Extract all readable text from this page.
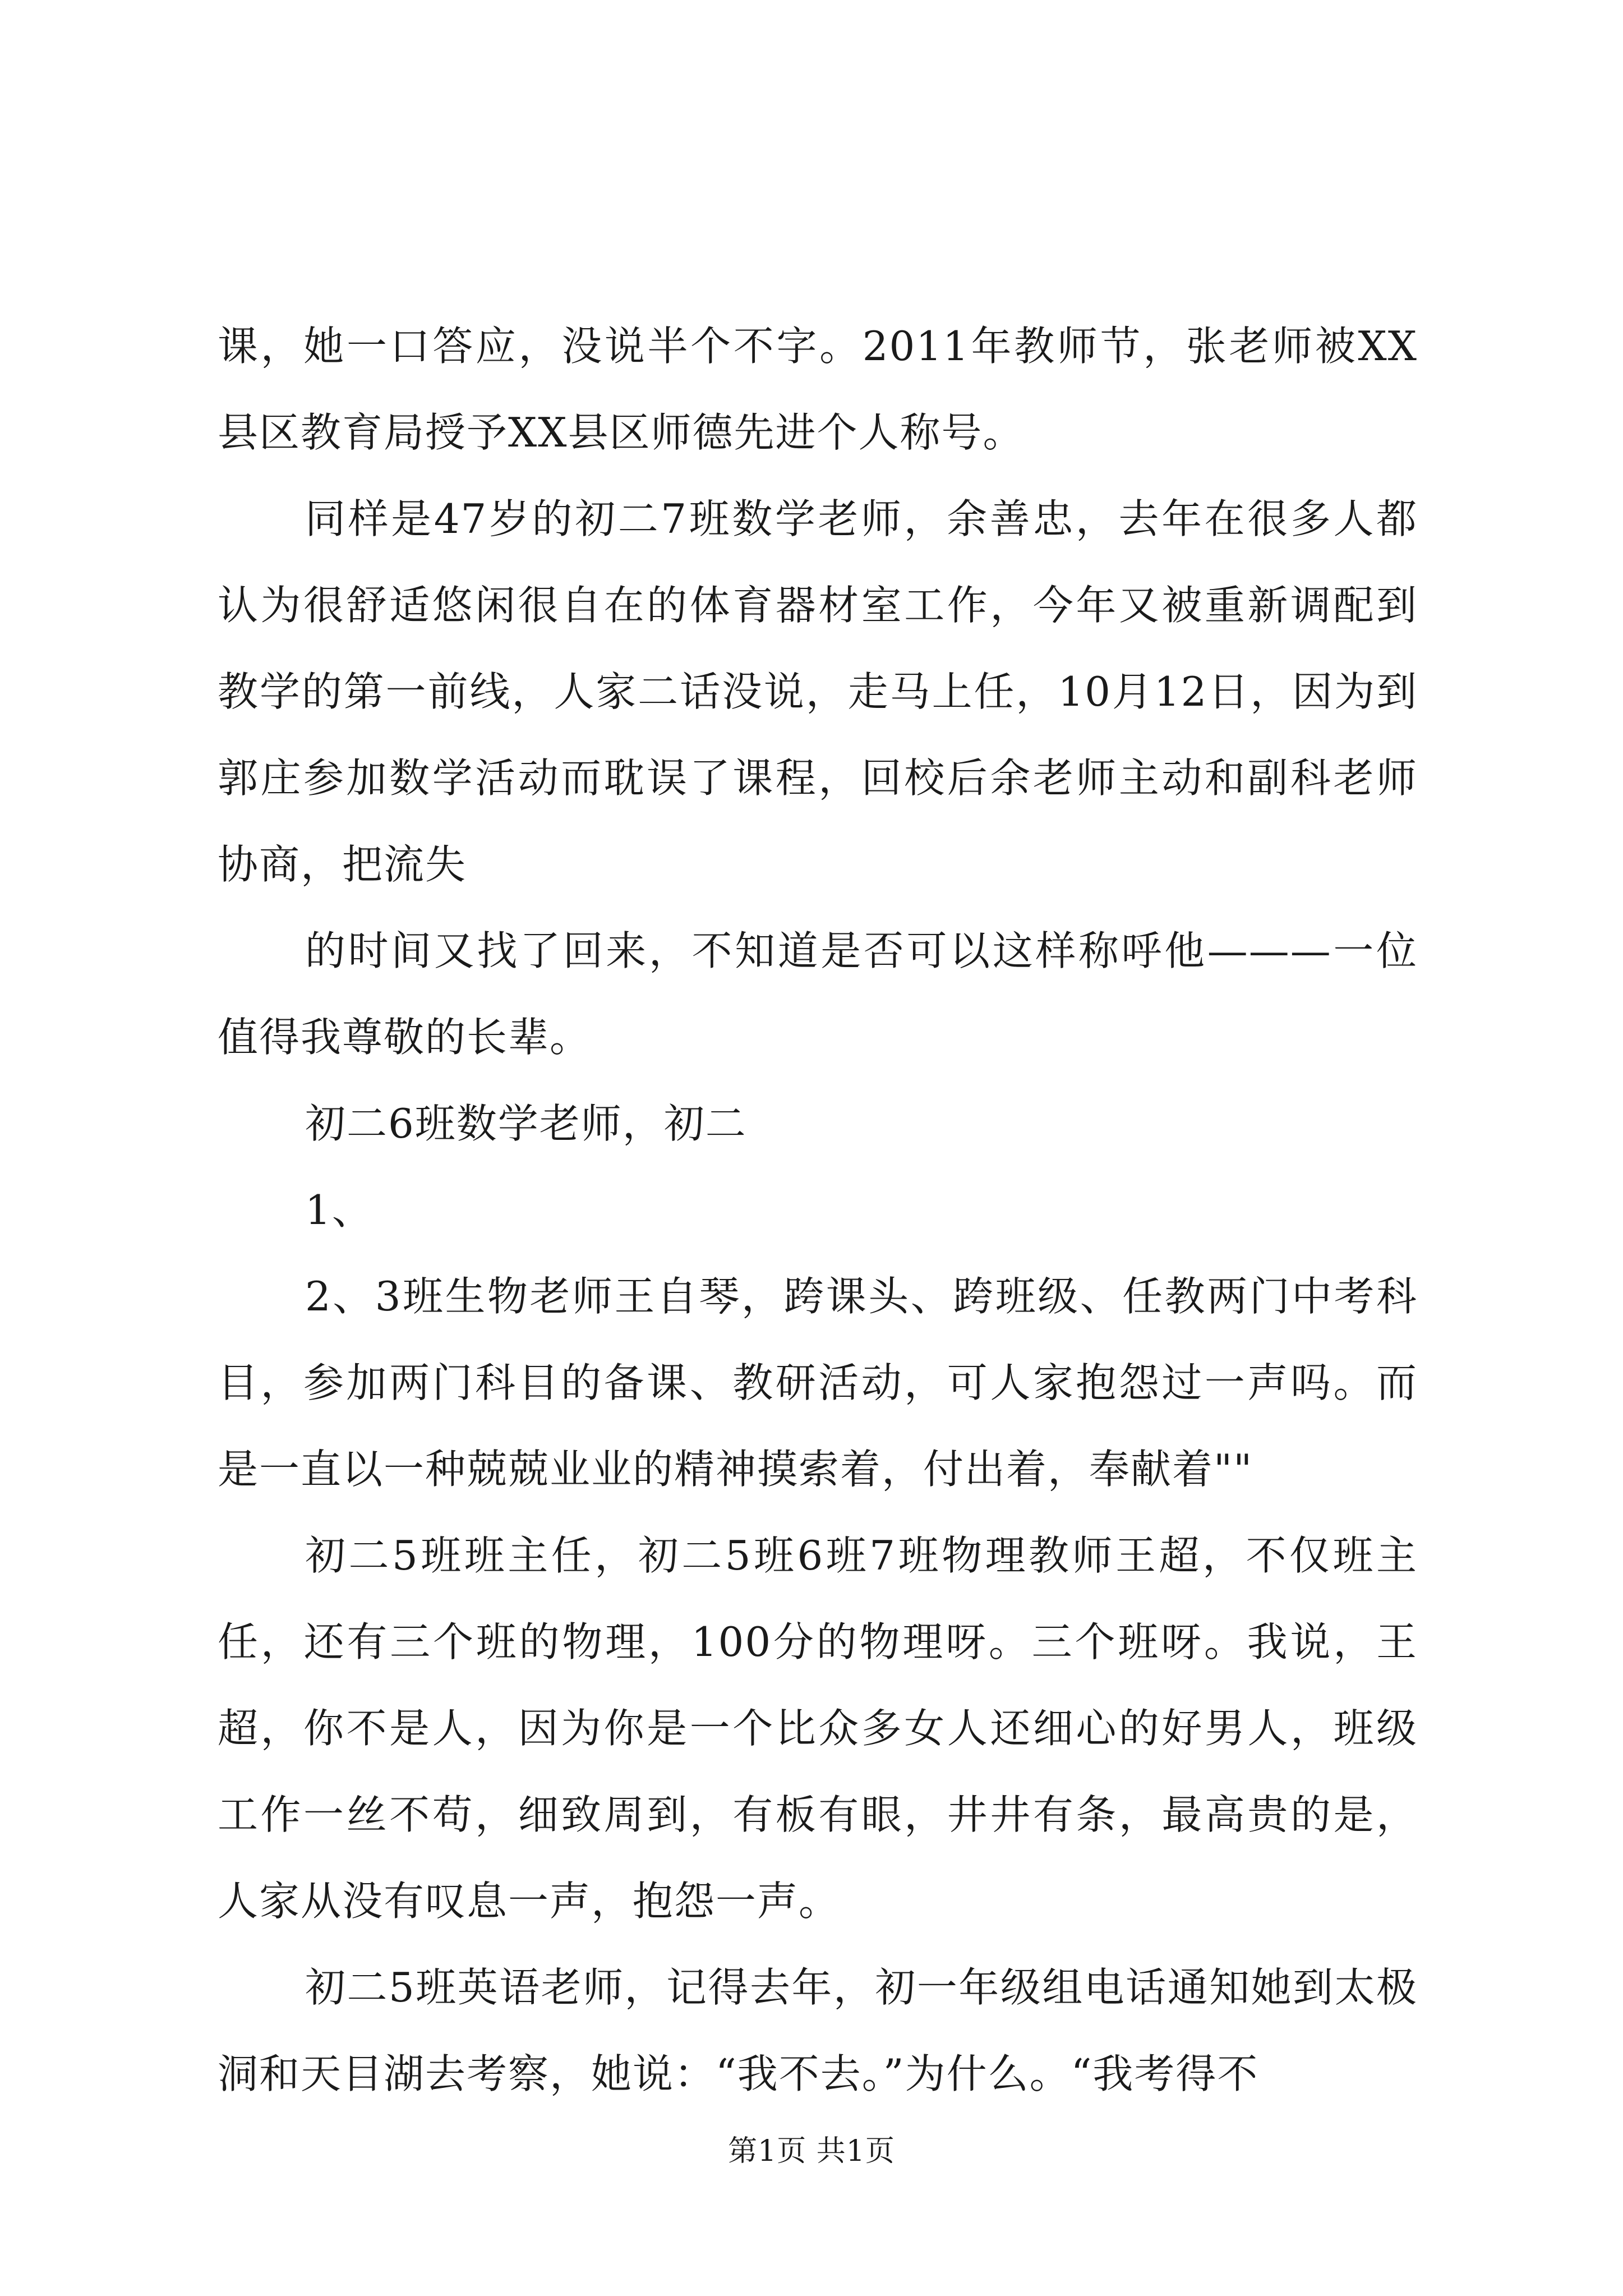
课，她一口答应，没说半个不字。2011年教师节，张老师被XX县区教育局授予XX县区师德先进个人称号。

同样是47岁的初二7班数学老师，余善忠，去年在很多人都认为很舒适悠闲很自在的体育器材室工作，今年又被重新调配到教学的第一前线，人家二话没说，走马上任，10月12日，因为到郭庄参加数学活动而耽误了课程，回校后余老师主动和副科老师协商，把流失

的时间又找了回来，不知道是否可以这样称呼他———一位值得我尊敬的长辈。

初二6班数学老师，初二

1、

2、3班生物老师王自琴，跨课头、跨班级、任教两门中考科目，参加两门科目的备课、教研活动，可人家抱怨过一声吗。而是一直以一种兢兢业业的精神摸索着，付出着，奉献着""

初二5班班主任，初二5班6班7班物理教师王超，不仅班主任，还有三个班的物理，100分的物理呀。三个班呀。我说，王超，你不是人，因为你是一个比众多女人还细心的好男人，班级工作一丝不苟，细致周到，有板有眼，井井有条，最高贵的是，人家从没有叹息一声，抱怨一声。

初二5班英语老师，记得去年，初一年级组电话通知她到太极洞和天目湖去考察，她说：“我不去。”为什么。“我考得不

第1页 共1页
